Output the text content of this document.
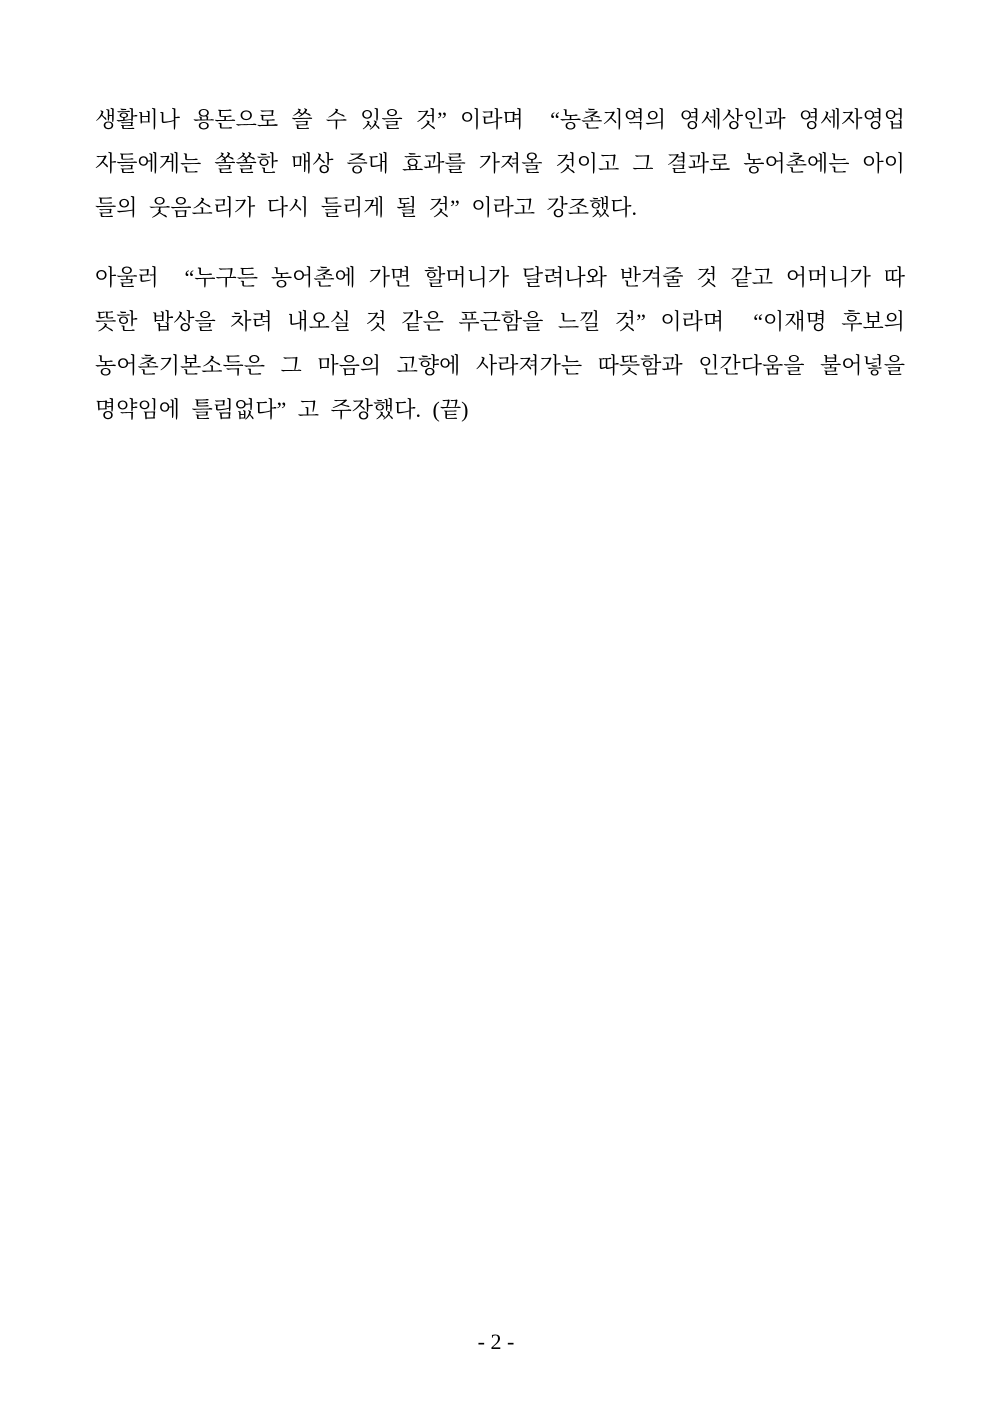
생활비나 용돈으로 쓸 수 있을 것” 이라며  “농촌지역의 영세상인과 영세자영업
자들에게는 쏠쏠한 매상 증대 효과를 가져올 것이고 그 결과로 농어촌에는 아이
들의 웃음소리가 다시 들리게 될 것” 이라고 강조했다.
아울러  “누구든 농어촌에 가면 할머니가 달려나와 반겨줄 것 같고 어머니가 따
뜻한 밥상을 차려 내오실 것 같은 푸근함을 느낄 것” 이라며  “이재명 후보의
농어촌기본소득은 그 마음의 고향에 사라져가는 따뜻함과 인간다움을 불어넣을
명약임에 틀림없다” 고 주장했다. (끝)
- 2 -
